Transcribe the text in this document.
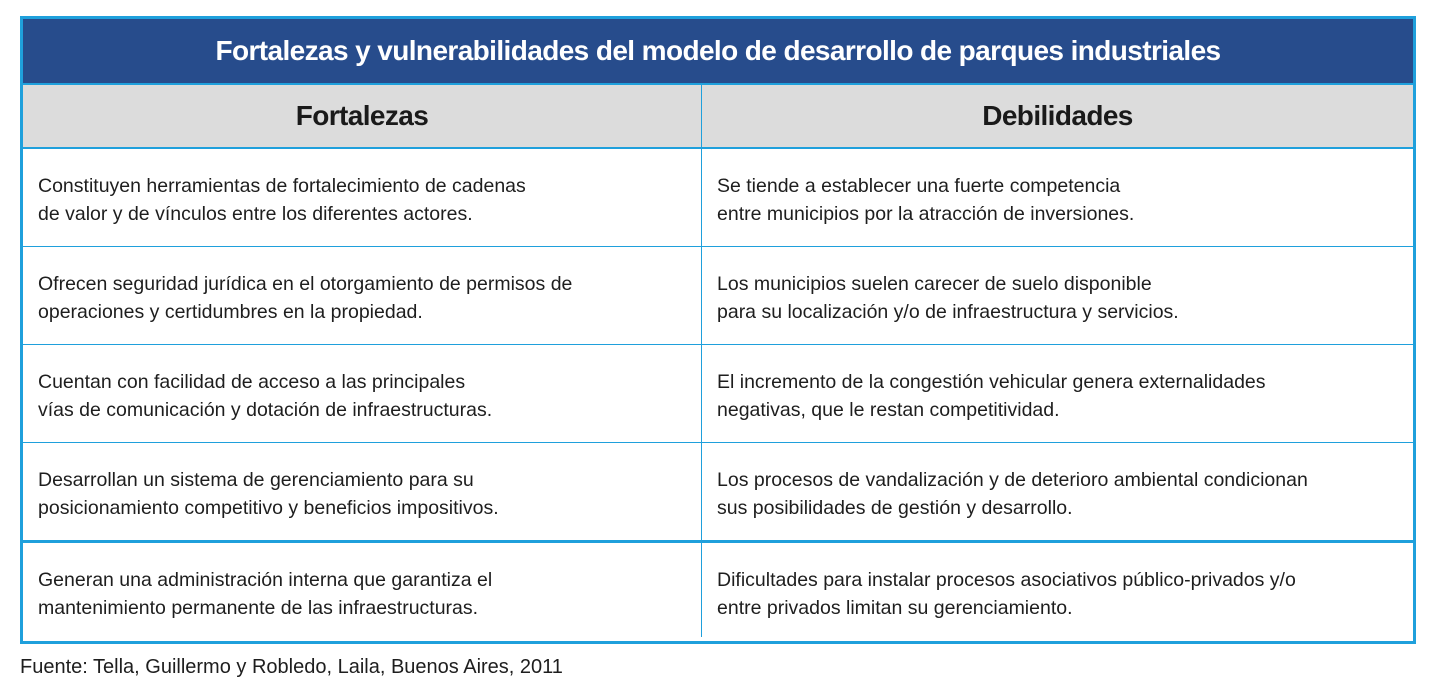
Fortalezas y vulnerabilidades del modelo de desarrollo de parques industriales
Fortalezas	Debilidades
Constituyen herramientas de fortalecimiento de cadenas
de valor y de vínculos entre los diferentes actores.
Se tiende a establecer una fuerte competencia
entre municipios por la atracción de inversiones.
Ofrecen seguridad jurídica en el otorgamiento de permisos de
operaciones y certidumbres en la propiedad.
Los municipios suelen carecer de suelo disponible
para su localización y/o de infraestructura y servicios.
Cuentan con facilidad de acceso a las principales
vías de comunicación y dotación de infraestructuras.
El incremento de la congestión vehicular genera externalidades
negativas, que le restan competitividad.
Desarrollan un sistema de gerenciamiento para su
posicionamiento competitivo y beneficios impositivos.
Los procesos de vandalización y de deterioro ambiental condicionan
sus posibilidades de gestión y desarrollo.
Generan una administración interna que garantiza el
mantenimiento permanente de las infraestructuras.
Dificultades para instalar procesos asociativos público-privados y/o
entre privados limitan su gerenciamiento.
Fuente: Tella, Guillermo y Robledo, Laila, Buenos Aires, 2011
